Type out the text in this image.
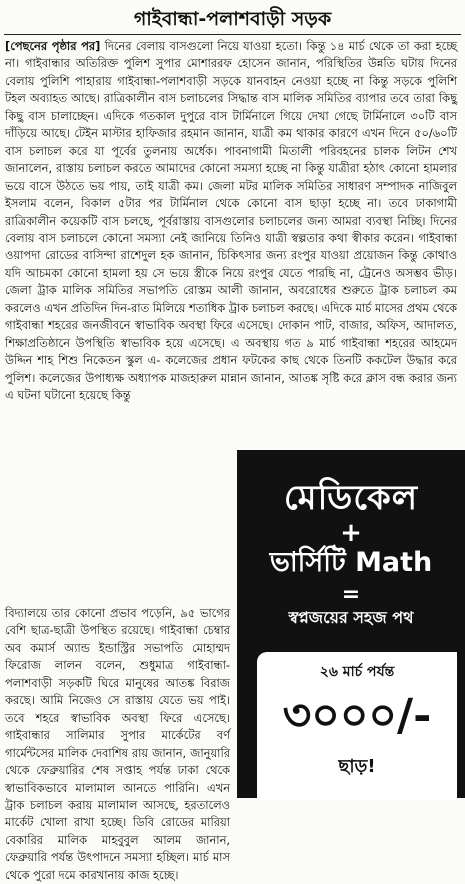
গাইবান্ধা-পলাশবাড়ী সড়ক

[পেছনের পৃষ্ঠার পর] দিনের বেলায় বাসগুলো নিয়ে যাওয়া হতো। কিন্তু ১৪ মার্চ থেকে তা করা হচ্ছে না। গাইবান্ধার অতিরিক্ত পুলিশ সুপার মোশাররফ হোসেন জানান, পরিস্থিতির উন্নতি ঘটায় দিনের বেলায় পুলিশি পাহারায় গাইবান্ধা-পলাশবাড়ী সড়কে যানবাহন নেওয়া হচ্ছে না কিন্তু সড়কে পুলিশি টহল অব্যাহত আছে। রাত্রিকালীন বাস চলাচলের সিদ্ধান্ত বাস মালিক সমিতির ব্যাপার তবে তারা কিছু কিছু বাস চালাচ্ছেন। এদিকে গতকাল দুপুরে বাস টার্মিনালে গিয়ে দেখা গেছে টার্মিনালে ৩০টি বাস দাঁড়িয়ে আছে। টেইন মাস্টার হাফিজার রহমান জানান, যাত্রী কম থাকার কারণে এখন দিনে ৫০/৬০টি বাস চলাচল করে যা পূর্বের তুলনায় অর্ধেক। পাবনাগামী মিতালী পরিবহনের চালক লিটন শেখ জানালেন, রাস্তায় চলাচল করতে আমাদের কোনো সমস্যা হচ্ছে না কিন্তু যাত্রীরা হঠাৎ কোনো হামলার ভয়ে বাসে উঠতে ভয় পায়, তাই যাত্রী কম। জেলা মটর মালিক সমিতির সাধারণ সম্পাদক নাজিবুল ইসলাম বলেন, বিকাল ৫টার পর টার্মিনাল থেকে কোনো বাস ছাড়া হচ্ছে না। তবে ঢাকাগামী রাত্রিকালীন কয়েকটি বাস চলছে, পূর্বরাস্তায় বাসগুলোর চলাচলের জন্য আমরা ব্যবস্থা নিচ্ছি। দিনের বেলায় বাস চলাচলে কোনো সমস্যা নেই জানিয়ে তিনিও যাত্রী স্বল্পতার কথা স্বীকার করেন। গাইবান্ধা ওয়াপদা রোডের বাসিন্দা রাশেদুল হক জানান, চিকিৎসার জন্য রংপুর যাওয়া প্রয়োজন কিন্তু কোথাও যদি আচমকা কোনো হামলা হয় সে ভয়ে স্ত্রীকে নিয়ে রংপুর যেতে পারছি না, ট্রেনেও অসম্ভব ভীড়। জেলা ট্রাক মালিক সমিতির সভাপতি রোস্তম আলী জানান, অবরোধের শুরুতে ট্রাক চলাচল কম করলেও এখন প্রতিদিন দিন-রাত মিলিয়ে শতাধিক ট্রাক চলাচল করছে। এদিকে মার্চ মাসের প্রথম থেকে গাইবান্ধা শহরের জনজীবনে স্বাভাবিক অবস্থা ফিরে এসেছে। দোকান পাট, বাজার, অফিস, আদালত, শিক্ষাপ্রতিষ্ঠানে উপস্থিতি স্বাভাবিক হয়ে এসেছে। এ অবস্থায় গত ৯ মার্চ গাইবান্ধা শহরের আহমেদ উদ্দিন শাহ শিশু নিকেতন স্কুল এ- কলেজের প্রধান ফটকের কাছ থেকে তিনটি ককটেল উদ্ধার করে পুলিশ। কলেজের উপাধ্যক্ষ অধ্যাপক মাজহারুল মান্নান জানান, আতঙ্ক সৃষ্টি করে ক্লাস বন্ধ করার জন্য এ ঘটনা ঘটানো হয়েছে কিন্তু

বিদ্যালয়ে তার কোনো প্রভাব পড়েনি, ৯৫ ভাগের বেশি ছাত্র-ছাত্রী উপস্থিত রয়েছে। গাইবান্ধা চেম্বার অব কমার্স অ্যান্ড ইন্ডাস্ট্রির সভাপতি মোহাম্মদ ফিরোজ লালন বলেন, শুধুমাত্র গাইবান্ধা-পলাশবাড়ী সড়কটি ঘিরে মানুষের আতঙ্ক বিরাজ করছে। আমি নিজেও সে রাস্তায় যেতে ভয় পাই। তবে শহরে স্বাভাবিক অবস্থা ফিরে এসেছে। গাইবান্ধার সালিমার সুপার মার্কেটের বর্ণ গার্মেন্টসের মালিক দেবাশিষ রায় জানান, জানুয়ারি থেকে ফেব্রুয়ারির শেষ সপ্তাহ পর্যন্ত ঢাকা থেকে স্বাভাবিকভাবে মালামাল আনতে পারিনি। এখন ট্রাক চলাচল করায় মালামাল আসছে, হরতালেও মার্কেট খোলা রাখা হচ্ছে। ডিবি রোডের মারিয়া বেকারির মালিক মাহবুবুল আলম জানান, ফেব্রুয়ারি পর্যন্ত উৎপাদনে সমস্যা হচ্ছিল। মার্চ মাস থেকে পুরো দমে কারখানায় কাজ হচ্ছে।

মেডিকেল
+
ভার্সিটি Math
=
স্বপ্নজয়ের সহজ পথ
২৬ মার্চ পর্যন্ত
৩০০০/-
ছাড়!
